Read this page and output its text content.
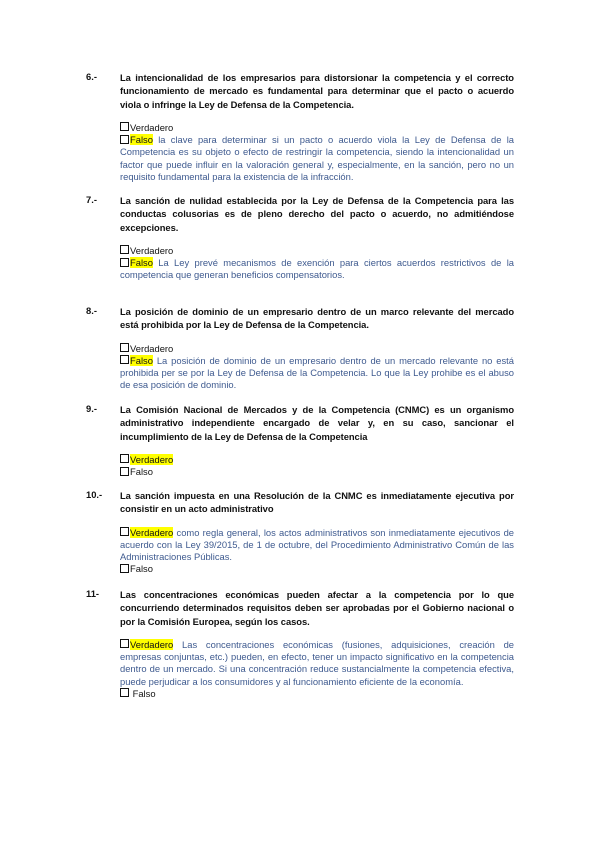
6.- La intencionalidad de los empresarios para distorsionar la competencia y el correcto funcionamiento de mercado es fundamental para determinar que el pacto o acuerdo viola o infringe la Ley de Defensa de la Competencia.
Verdadero
Falso la clave para determinar si un pacto o acuerdo viola la Ley de Defensa de la Competencia es su objeto o efecto de restringir la competencia, siendo la intencionalidad un factor que puede influir en la valoración general y, especialmente, en la sanción, pero no un requisito fundamental para la existencia de la infracción.
7.- La sanción de nulidad establecida por la Ley de Defensa de la Competencia para las conductas colusorias es de pleno derecho del pacto o acuerdo, no admitiéndose excepciones.
Verdadero
Falso La Ley prevé mecanismos de exención para ciertos acuerdos restrictivos de la competencia que generan beneficios compensatorios.
8.- La posición de dominio de un empresario dentro de un marco relevante del mercado está prohibida por la Ley de Defensa de la Competencia.
Verdadero
Falso La posición de dominio de un empresario dentro de un mercado relevante no está prohibida per se por la Ley de Defensa de la Competencia. Lo que la Ley prohibe es el abuso de esa posición de dominio.
9.- La Comisión Nacional de Mercados y de la Competencia (CNMC) es un organismo administrativo independiente encargado de velar y, en su caso, sancionar el incumplimiento de la Ley de Defensa de la Competencia
Verdadero
Falso
10.- La sanción impuesta en una Resolución de la CNMC es inmediatamente ejecutiva por consistir en un acto administrativo
Verdadero como regla general, los actos administrativos son inmediatamente ejecutivos de acuerdo con la Ley 39/2015, de 1 de octubre, del Procedimiento Administrativo Común de las Administraciones Públicas.
Falso
11- Las concentraciones económicas pueden afectar a la competencia por lo que concurriendo determinados requisitos deben ser aprobadas por el Gobierno nacional o por la Comisión Europea, según los casos.
Verdadero Las concentraciones económicas (fusiones, adquisiciones, creación de empresas conjuntas, etc.) pueden, en efecto, tener un impacto significativo en la competencia dentro de un mercado. Si una concentración reduce sustancialmente la competencia efectiva, puede perjudicar a los consumidores y al funcionamiento eficiente de la economía.
Falso
